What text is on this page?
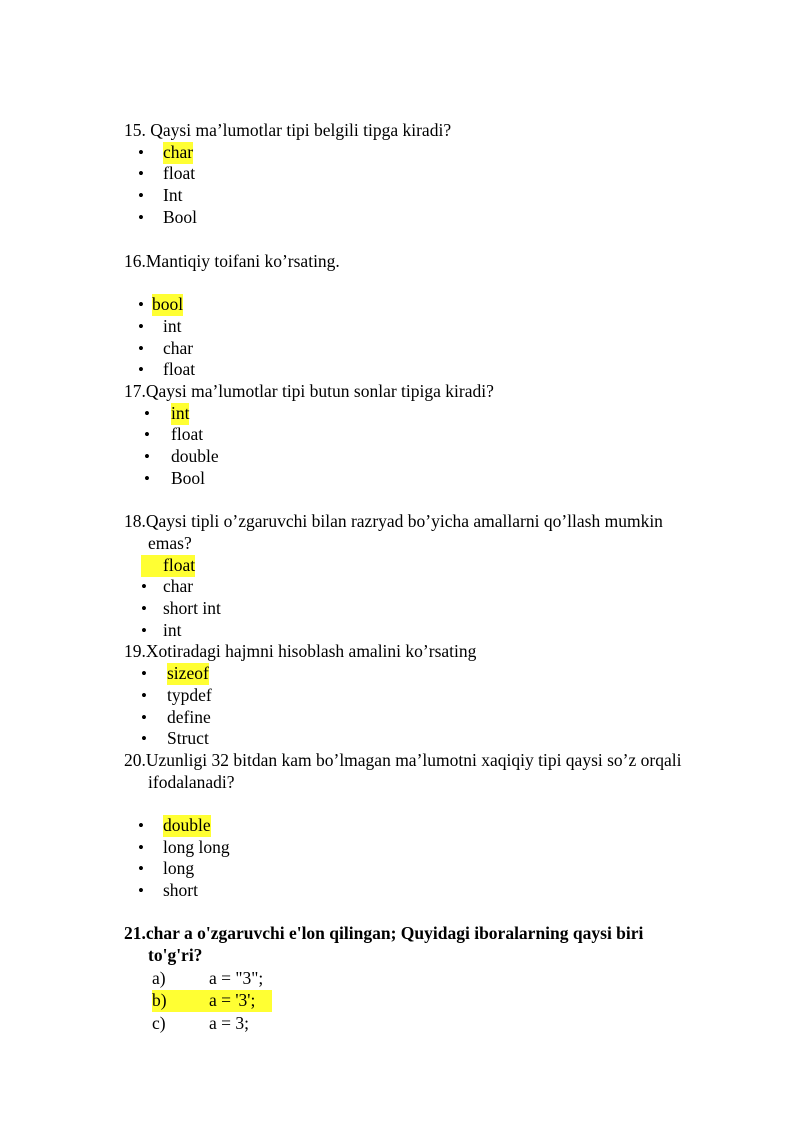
15. Qaysi ma’lumotlar tipi belgili tipga kiradi?
• char
• float
• Int
• Bool
16.Mantiqiy toifani ko’rsating.
• bool
• int
• char
• float
17.Qaysi ma’lumotlar tipi butun sonlar tipiga kiradi?
• int
• float
• double
• Bool
18.Qaysi tipli o’zgaruvchi bilan razryad bo’yicha amallarni qo’llash mumkin
emas?
float
• char
• short int
• int
19.Xotiradagi hajmni hisoblash amalini ko’rsating
• sizeof
• typdef
• define
• Struct
20.Uzunligi 32 bitdan kam bo’lmagan ma’lumotni xaqiqiy tipi qaysi so’z orqali
ifodalanadi?
• double
• long long
• long
• short
21.char a o'zgaruvchi e'lon qilingan; Quyidagi iboralarning qaysi biri
to'g'ri?
a) a = "3";
b) a = '3';
c) a = 3;
